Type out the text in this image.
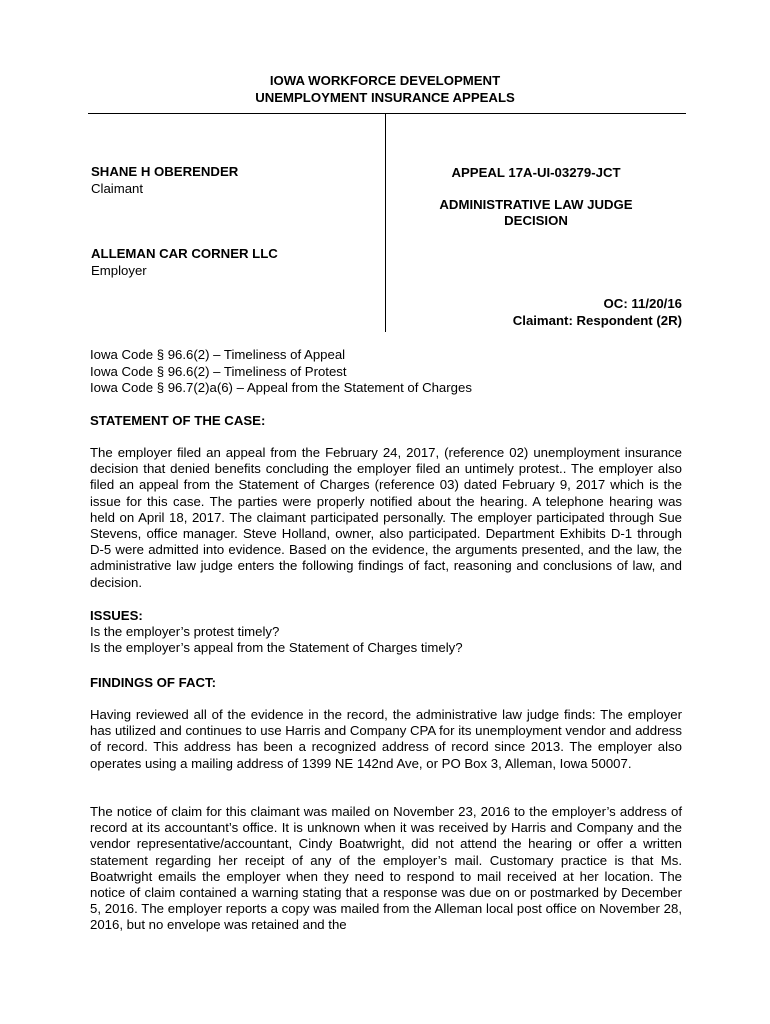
IOWA WORKFORCE DEVELOPMENT
UNEMPLOYMENT INSURANCE APPEALS
SHANE H OBERENDER
Claimant
ALLEMAN CAR CORNER LLC
Employer
APPEAL 17A-UI-03279-JCT
ADMINISTRATIVE LAW JUDGE
DECISION
OC: 11/20/16
Claimant: Respondent (2R)
Iowa Code § 96.6(2) – Timeliness of Appeal
Iowa Code § 96.6(2) – Timeliness of Protest
Iowa Code § 96.7(2)a(6) – Appeal from the Statement of Charges
STATEMENT OF THE CASE:
The employer filed an appeal from the February 24, 2017, (reference 02) unemployment insurance decision that denied benefits concluding the employer filed an untimely protest.. The employer also filed an appeal from the Statement of Charges (reference 03) dated February 9, 2017 which is the issue for this case. The parties were properly notified about the hearing. A telephone hearing was held on April 18, 2017. The claimant participated personally. The employer participated through Sue Stevens, office manager. Steve Holland, owner, also participated. Department Exhibits D-1 through D-5 were admitted into evidence. Based on the evidence, the arguments presented, and the law, the administrative law judge enters the following findings of fact, reasoning and conclusions of law, and decision.
ISSUES:
Is the employer’s protest timely?
Is the employer’s appeal from the Statement of Charges timely?
FINDINGS OF FACT:
Having reviewed all of the evidence in the record, the administrative law judge finds: The employer has utilized and continues to use Harris and Company CPA for its unemployment vendor and address of record. This address has been a recognized address of record since 2013. The employer also operates using a mailing address of 1399 NE 142nd Ave, or PO Box 3, Alleman, Iowa 50007.
The notice of claim for this claimant was mailed on November 23, 2016 to the employer’s address of record at its accountant’s office. It is unknown when it was received by Harris and Company and the vendor representative/accountant, Cindy Boatwright, did not attend the hearing or offer a written statement regarding her receipt of any of the employer’s mail. Customary practice is that Ms. Boatwright emails the employer when they need to respond to mail received at her location. The notice of claim contained a warning stating that a response was due on or postmarked by December 5, 2016. The employer reports a copy was mailed from the Alleman local post office on November 28, 2016, but no envelope was retained and the
